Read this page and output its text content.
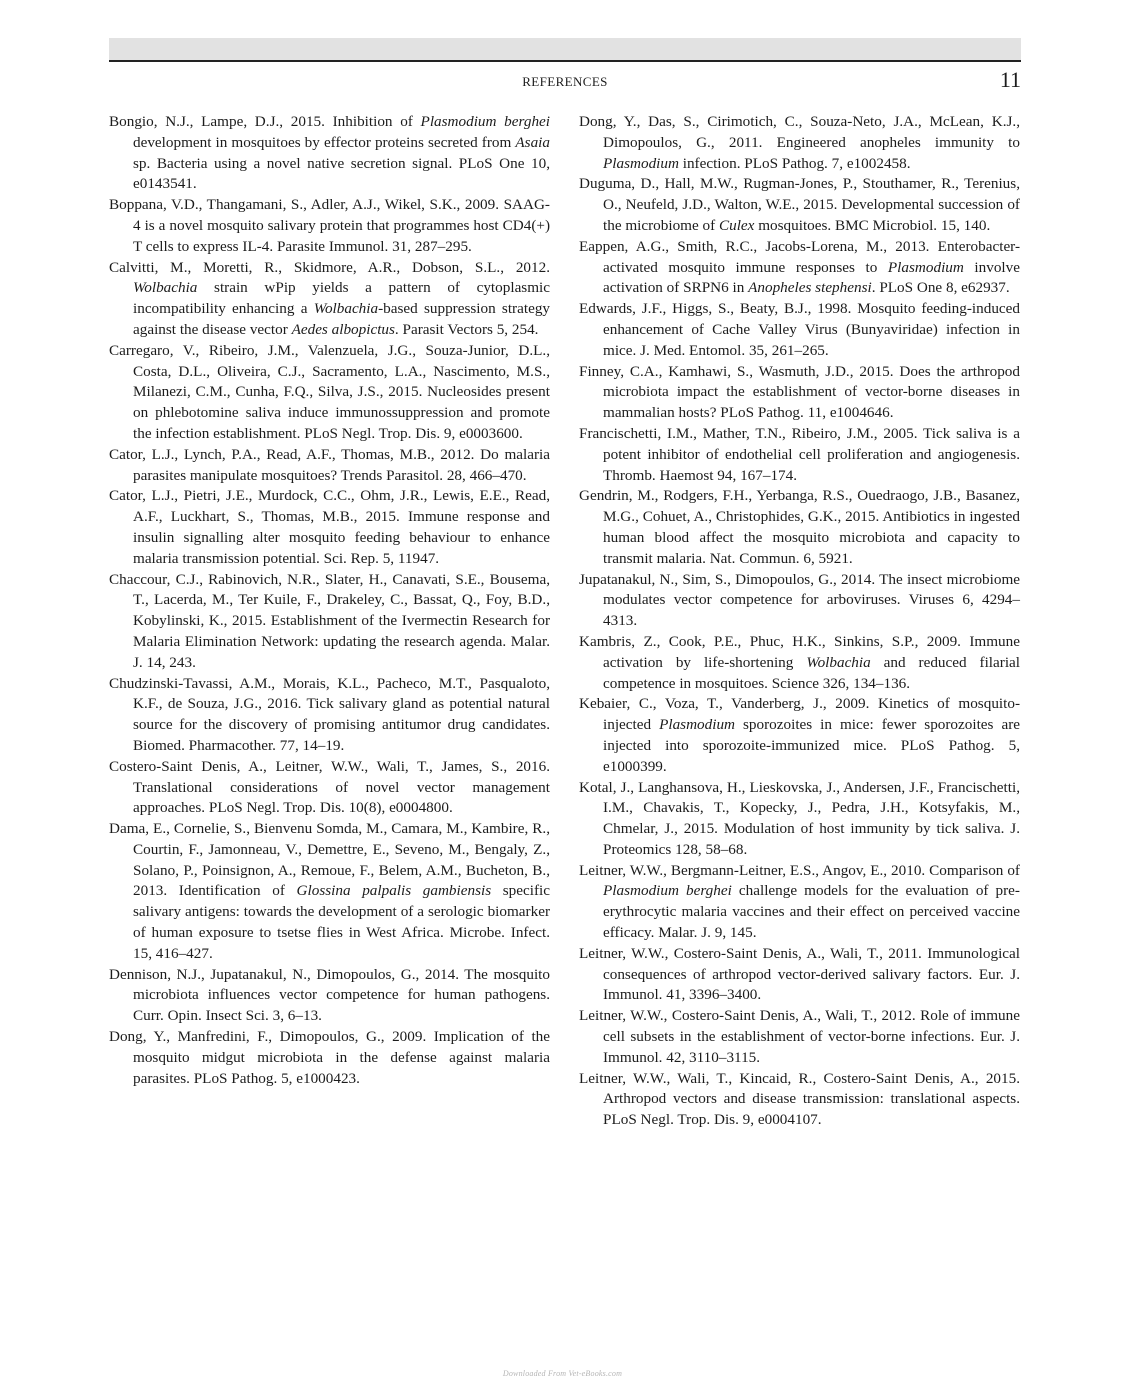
REFERENCES	11

Bongio, N.J., Lampe, D.J., 2015. Inhibition of Plasmodium berghei development in mosquitoes by effector proteins secreted from Asaia sp. Bacteria using a novel native secretion signal. PLoS One 10, e0143541.

Boppana, V.D., Thangamani, S., Adler, A.J., Wikel, S.K., 2009. SAAG-4 is a novel mosquito salivary protein that programmes host CD4(+) T cells to express IL-4. Parasite Immunol. 31, 287–295.

Calvitti, M., Moretti, R., Skidmore, A.R., Dobson, S.L., 2012. Wolbachia strain wPip yields a pattern of cytoplasmic incompatibility enhancing a Wolbachia-based suppression strategy against the disease vector Aedes albopictus. Parasit Vectors 5, 254.

Carregaro, V., Ribeiro, J.M., Valenzuela, J.G., Souza-Junior, D.L., Costa, D.L., Oliveira, C.J., Sacramento, L.A., Nascimento, M.S., Milanezi, C.M., Cunha, F.Q., Silva, J.S., 2015. Nucleosides present on phlebotomine saliva induce immunossuppression and promote the infection establishment. PLoS Negl. Trop. Dis. 9, e0003600.

Cator, L.J., Lynch, P.A., Read, A.F., Thomas, M.B., 2012. Do malaria parasites manipulate mosquitoes? Trends Parasitol. 28, 466–470.

Cator, L.J., Pietri, J.E., Murdock, C.C., Ohm, J.R., Lewis, E.E., Read, A.F., Luckhart, S., Thomas, M.B., 2015. Immune response and insulin signalling alter mosquito feeding behaviour to enhance malaria transmission potential. Sci. Rep. 5, 11947.

Chaccour, C.J., Rabinovich, N.R., Slater, H., Canavati, S.E., Bousema, T., Lacerda, M., Ter Kuile, F., Drakeley, C., Bassat, Q., Foy, B.D., Kobylinski, K., 2015. Establishment of the Ivermectin Research for Malaria Elimination Network: updating the research agenda. Malar. J. 14, 243.

Chudzinski-Tavassi, A.M., Morais, K.L., Pacheco, M.T., Pasqualoto, K.F., de Souza, J.G., 2016. Tick salivary gland as potential natural source for the discovery of promising antitumor drug candidates. Biomed. Pharmacother. 77, 14–19.

Costero-Saint Denis, A., Leitner, W.W., Wali, T., James, S., 2016. Translational considerations of novel vector management approaches. PLoS Negl. Trop. Dis. 10(8), e0004800.

Dama, E., Cornelie, S., Bienvenu Somda, M., Camara, M., Kambire, R., Courtin, F., Jamonneau, V., Demettre, E., Seveno, M., Bengaly, Z., Solano, P., Poinsignon, A., Remoue, F., Belem, A.M., Bucheton, B., 2013. Identification of Glossina palpalis gambiensis specific salivary antigens: towards the development of a serologic biomarker of human exposure to tsetse flies in West Africa. Microbe. Infect. 15, 416–427.

Dennison, N.J., Jupatanakul, N., Dimopoulos, G., 2014. The mosquito microbiota influences vector competence for human pathogens. Curr. Opin. Insect Sci. 3, 6–13.

Dong, Y., Manfredini, F., Dimopoulos, G., 2009. Implication of the mosquito midgut microbiota in the defense against malaria parasites. PLoS Pathog. 5, e1000423.

Dong, Y., Das, S., Cirimotich, C., Souza-Neto, J.A., McLean, K.J., Dimopoulos, G., 2011. Engineered anopheles immunity to Plasmodium infection. PLoS Pathog. 7, e1002458.

Duguma, D., Hall, M.W., Rugman-Jones, P., Stouthamer, R., Terenius, O., Neufeld, J.D., Walton, W.E., 2015. Developmental succession of the microbiome of Culex mosquitoes. BMC Microbiol. 15, 140.

Eappen, A.G., Smith, R.C., Jacobs-Lorena, M., 2013. Enterobacter-activated mosquito immune responses to Plasmodium involve activation of SRPN6 in Anopheles stephensi. PLoS One 8, e62937.

Edwards, J.F., Higgs, S., Beaty, B.J., 1998. Mosquito feeding-induced enhancement of Cache Valley Virus (Bunyaviridae) infection in mice. J. Med. Entomol. 35, 261–265.

Finney, C.A., Kamhawi, S., Wasmuth, J.D., 2015. Does the arthropod microbiota impact the establishment of vector-borne diseases in mammalian hosts? PLoS Pathog. 11, e1004646.

Francischetti, I.M., Mather, T.N., Ribeiro, J.M., 2005. Tick saliva is a potent inhibitor of endothelial cell proliferation and angiogenesis. Thromb. Haemost 94, 167–174.

Gendrin, M., Rodgers, F.H., Yerbanga, R.S., Ouedraogo, J.B., Basanez, M.G., Cohuet, A., Christophides, G.K., 2015. Antibiotics in ingested human blood affect the mosquito microbiota and capacity to transmit malaria. Nat. Commun. 6, 5921.

Jupatanakul, N., Sim, S., Dimopoulos, G., 2014. The insect microbiome modulates vector competence for arboviruses. Viruses 6, 4294–4313.

Kambris, Z., Cook, P.E., Phuc, H.K., Sinkins, S.P., 2009. Immune activation by life-shortening Wolbachia and reduced filarial competence in mosquitoes. Science 326, 134–136.

Kebaier, C., Voza, T., Vanderberg, J., 2009. Kinetics of mosquito-injected Plasmodium sporozoites in mice: fewer sporozoites are injected into sporozoite-immunized mice. PLoS Pathog. 5, e1000399.

Kotal, J., Langhansova, H., Lieskovska, J., Andersen, J.F., Francischetti, I.M., Chavakis, T., Kopecky, J., Pedra, J.H., Kotsyfakis, M., Chmelar, J., 2015. Modulation of host immunity by tick saliva. J. Proteomics 128, 58–68.

Leitner, W.W., Bergmann-Leitner, E.S., Angov, E., 2010. Comparison of Plasmodium berghei challenge models for the evaluation of pre-erythrocytic malaria vaccines and their effect on perceived vaccine efficacy. Malar. J. 9, 145.

Leitner, W.W., Costero-Saint Denis, A., Wali, T., 2011. Immunological consequences of arthropod vector-derived salivary factors. Eur. J. Immunol. 41, 3396–3400.

Leitner, W.W., Costero-Saint Denis, A., Wali, T., 2012. Role of immune cell subsets in the establishment of vector-borne infections. Eur. J. Immunol. 42, 3110–3115.

Leitner, W.W., Wali, T., Kincaid, R., Costero-Saint Denis, A., 2015. Arthropod vectors and disease transmission: translational aspects. PLoS Negl. Trop. Dis. 9, e0004107.

Downloaded From Vet-eBooks.com
